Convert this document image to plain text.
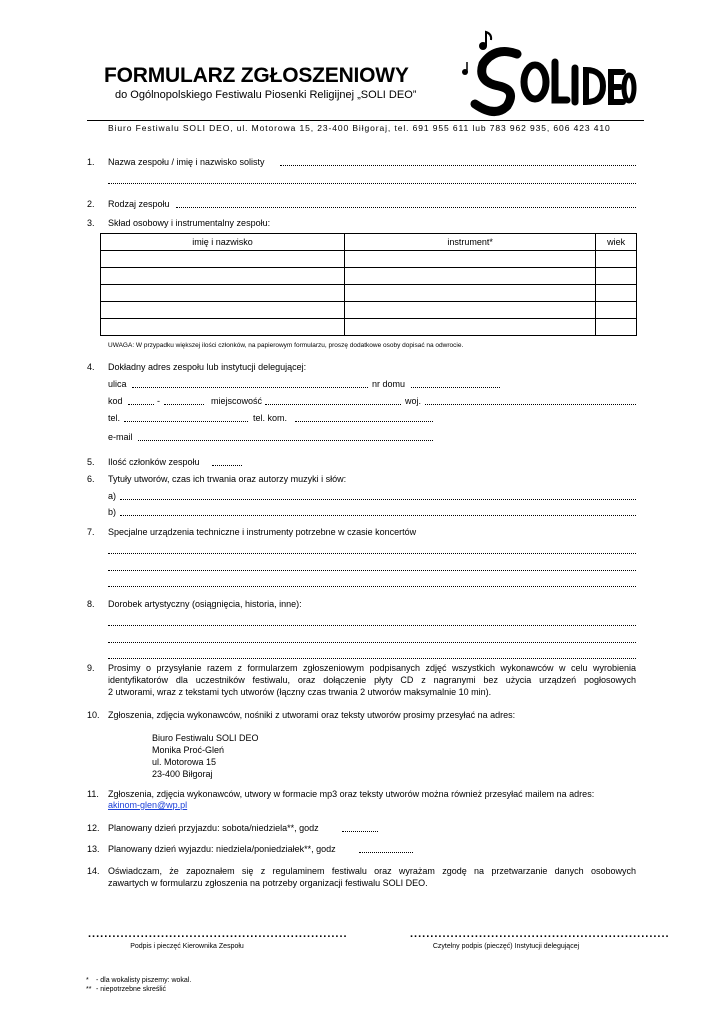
FORMULARZ ZGŁOSZENIOWY
do Ogólnopolskiego Festiwalu Piosenki Religijnej „SOLI DEO”
Biuro Festiwalu SOLI DEO, ul. Motorowa 15, 23-400 Biłgoraj, tel. 691 955 611 lub 783 962 935, 606 423 410
1.	Nazwa zespołu / imię i nazwisko solisty
2.	Rodzaj zespołu
3.	Skład osobowy i instrumentalny zespołu:
imię i nazwisko	instrument*	wiek

UWAGA: W przypadku większej ilości członków, na papierowym formularzu, proszę dodatkowe osoby dopisać na odwrocie.
4.	Dokładny adres zespołu lub instytucji delegującej:
ulica	nr domu
kod	-	miejscowość	woj.
tel.	tel. kom.
e-mail
5.	Ilość członków zespołu
6.	Tytuły utworów, czas ich trwania oraz autorzy muzyki i słów:
a)
b)
7.	Specjalne urządzenia techniczne i instrumenty potrzebne w czasie koncertów
8.	Dorobek artystyczny (osiągnięcia, historia, inne):
9.	Prosimy o przysyłanie razem z formularzem zgłoszeniowym podpisanych zdjęć wszystkich wykonawców w celu wyrobienia
identyfikatorów dla uczestników festiwalu, oraz dołączenie płyty CD z nagranymi bez użycia urządzeń pogłosowych
2 utworami, wraz z tekstami tych utworów (łączny czas trwania 2 utworów maksymalnie 10 min).
10. Zgłoszenia, zdjęcia wykonawców, nośniki z utworami oraz teksty utworów prosimy przesyłać na adres:
Biuro Festiwalu SOLI DEO
Monika Proć-Gleń
ul. Motorowa 15
23-400 Biłgoraj
11.	Zgłoszenia, zdjęcia wykonawców, utwory w formacie mp3 oraz teksty utworów można również przesyłać mailem na adres:
akinom-glen@wp.pl
12. Planowany dzień przyjazdu: sobota/niedziela**, godz
13. Planowany dzień wyjazdu: niedziela/poniedziałek**, godz
14. Oświadczam, że zapoznałem się z regulaminem festiwalu oraz wyrażam zgodę na przetwarzanie danych osobowych
zawartych w formularzu zgłoszenia na potrzeby organizacji festiwalu SOLI DEO.
................................................................
Podpis i pieczęć Kierownika Zespołu
................................................................
Czytelny podpis (pieczęć) Instytucji delegującej
* - dla wokalisty piszemy: wokal.
** - niepotrzebne skreślić
